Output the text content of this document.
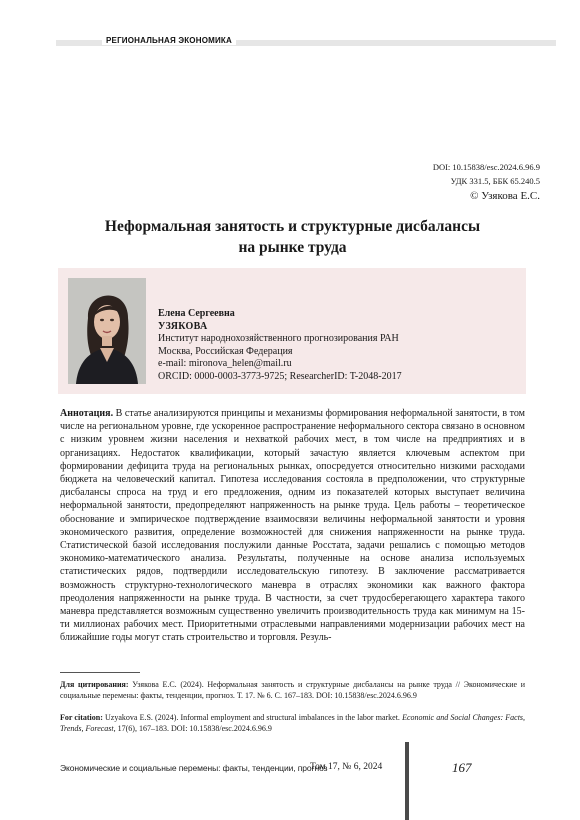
РЕГИОНАЛЬНАЯ ЭКОНОМИКА
DOI: 10.15838/esc.2024.6.96.9
УДК 331.5, ББК 65.240.5
© Узякова Е.С.
Неформальная занятость и структурные дисбалансы
на рынке труда
Елена Сергеевна
УЗЯКОВА
Институт народнохозяйственного прогнозирования РАН
Москва, Российская Федерация
e-mail: mironova_helen@mail.ru
ORCID: 0000-0003-3773-9725; ResearcherID: T-2048-2017
Аннотация. В статье анализируются принципы и механизмы формирования неформальной занятости, в том числе на региональном уровне, где ускоренное распространение неформального сектора связано в основном с низким уровнем жизни населения и нехваткой рабочих мест, в том числе на предприятиях и в организациях. Недостаток квалификации, который зачастую является ключевым аспектом при формировании дефицита труда на региональных рынках, опосредуется относительно низкими расходами бюджета на человеческий капитал. Гипотеза исследования состояла в предположении, что структурные дисбалансы спроса на труд и его предложения, одним из показателей которых выступает величина неформальной занятости, предопределяют напряженность на рынке труда. Цель работы – теоретическое обоснование и эмпирическое подтверждение взаимосвязи величины неформальной занятости и уровня экономического развития, определение возможностей для снижения напряженности на рынке труда. Статистической базой исследования послужили данные Росстата, задачи решались с помощью методов экономико-математического анализа. Результаты, полученные на основе анализа используемых статистических рядов, подтвердили исследовательскую гипотезу. В заключение рассматривается возможность структурно-технологического маневра в отраслях экономики как важного фактора преодоления напряженности на рынке труда. В частности, за счет трудосберегающего характера такого маневра представляется возможным существенно увеличить производительность труда как минимум на 15-ти миллионах рабочих мест. Приоритетными отраслевыми направлениями модернизации рабочих мест на ближайшие годы могут стать строительство и торговля. Резуль-
Для цитирования: Узякова Е.С. (2024). Неформальная занятость и структурные дисбалансы на рынке труда // Экономические и социальные перемены: факты, тенденции, прогноз. Т. 17. № 6. С. 167–183. DOI: 10.15838/esc.2024.6.96.9
For citation: Uzyakova E.S. (2024). Informal employment and structural imbalances in the labor market. Economic and Social Changes: Facts, Trends, Forecast, 17(6), 167–183. DOI: 10.15838/esc.2024.6.96.9
Экономические и социальные перемены: факты, тенденции, прогноз
Том 17, № 6, 2024	167
